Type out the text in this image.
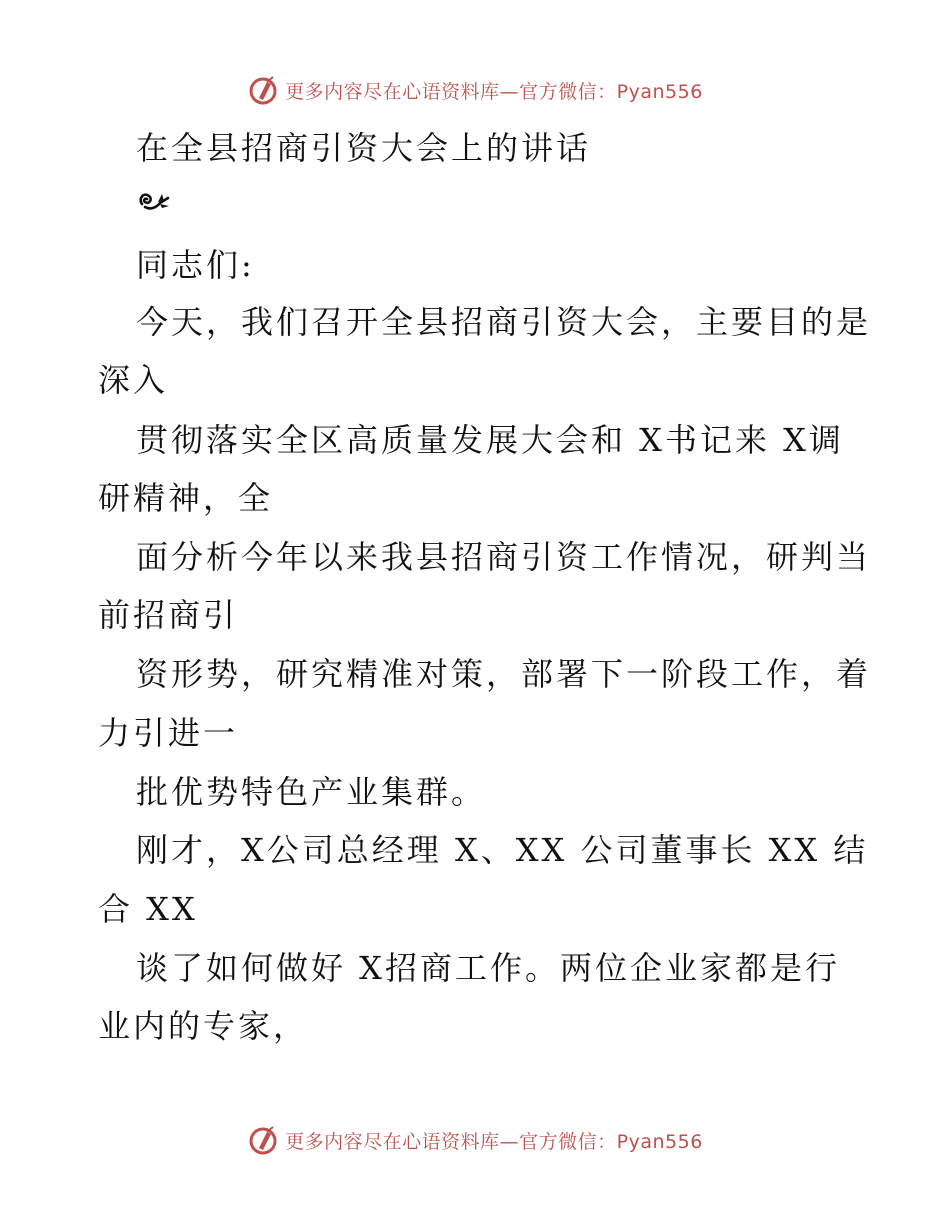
更多内容尽在心语资料库—官方微信：Pyan556
在全县招商引资大会上的讲话
同志们:
今天，我们召开全县招商引资大会，主要目的是
深入
贯彻落实全区高质量发展大会和 X书记来 X调
研精神，全
面分析今年以来我县招商引资工作情况，研判当
前招商引
资形势，研究精准对策，部署下一阶段工作，着
力引进一
批优势特色产业集群。
刚才，X公司总经理 X、XX 公司董事长 XX 结
合 XX
谈了如何做好 X招商工作。两位企业家都是行
业内的专家，
更多内容尽在心语资料库—官方微信：Pyan556
